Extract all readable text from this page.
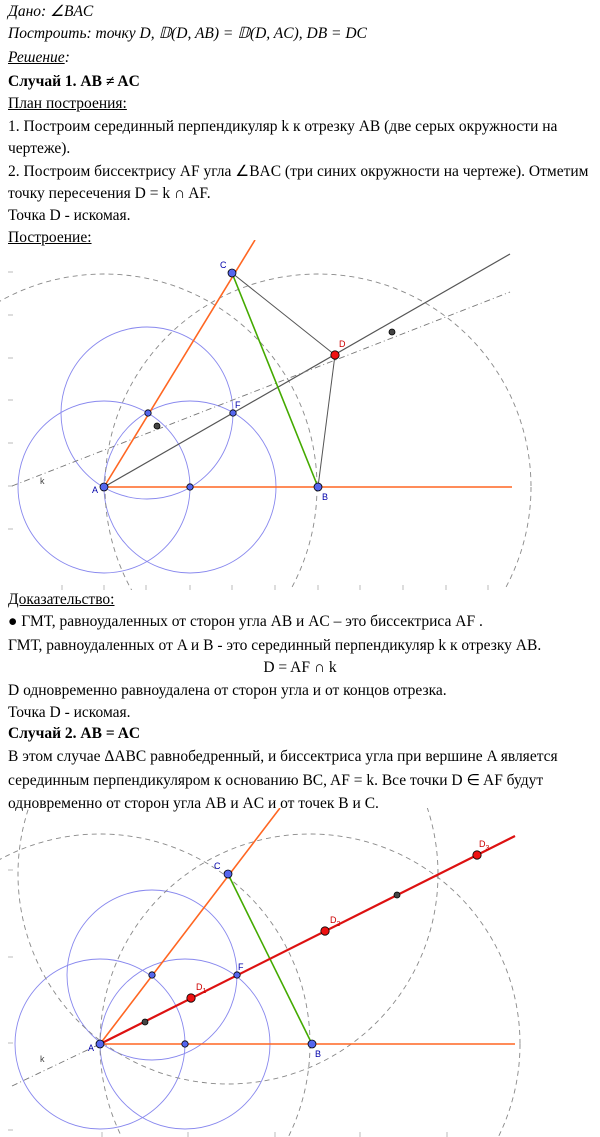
Дано: ∠BAC
Построить: точку D, 𝔻(D, AB) = 𝔻(D, AC), DB = DC
Решение:
Случай 1. AB ≠ AC
План построения:
1. Построим серединный перпендикуляр k к отрезку AB (две серых окружности на
чертеже).
2. Построим биссектрису AF угла ∠BAC (три синих окружности на чертеже). Отметим
точку пересечения D = k ∩ AF.
Точка D - искомая.
Построение:
A
B
C
F
D
k
Доказательство:
● ГМТ, равноудаленных от сторон угла AB и AC – это биссектриса AF .
ГМТ, равноудаленных от A и B - это серединный перпендикуляр k к отрезку AB.
D = AF ∩ k
D одновременно равноудалена от сторон угла и от концов отрезка.
Точка D - искомая.
Случай 2. AB = AC
В этом случае ΔABC равнобедренный, и биссектриса угла при вершине A является
серединным перпендикуляром к основанию BC, AF = k. Все точки D ∈ AF будут
одновременно от сторон угла AB и AC и от точек B и C.
A
B
C
F
k
$D_1$
$D_2$
$D_3$
